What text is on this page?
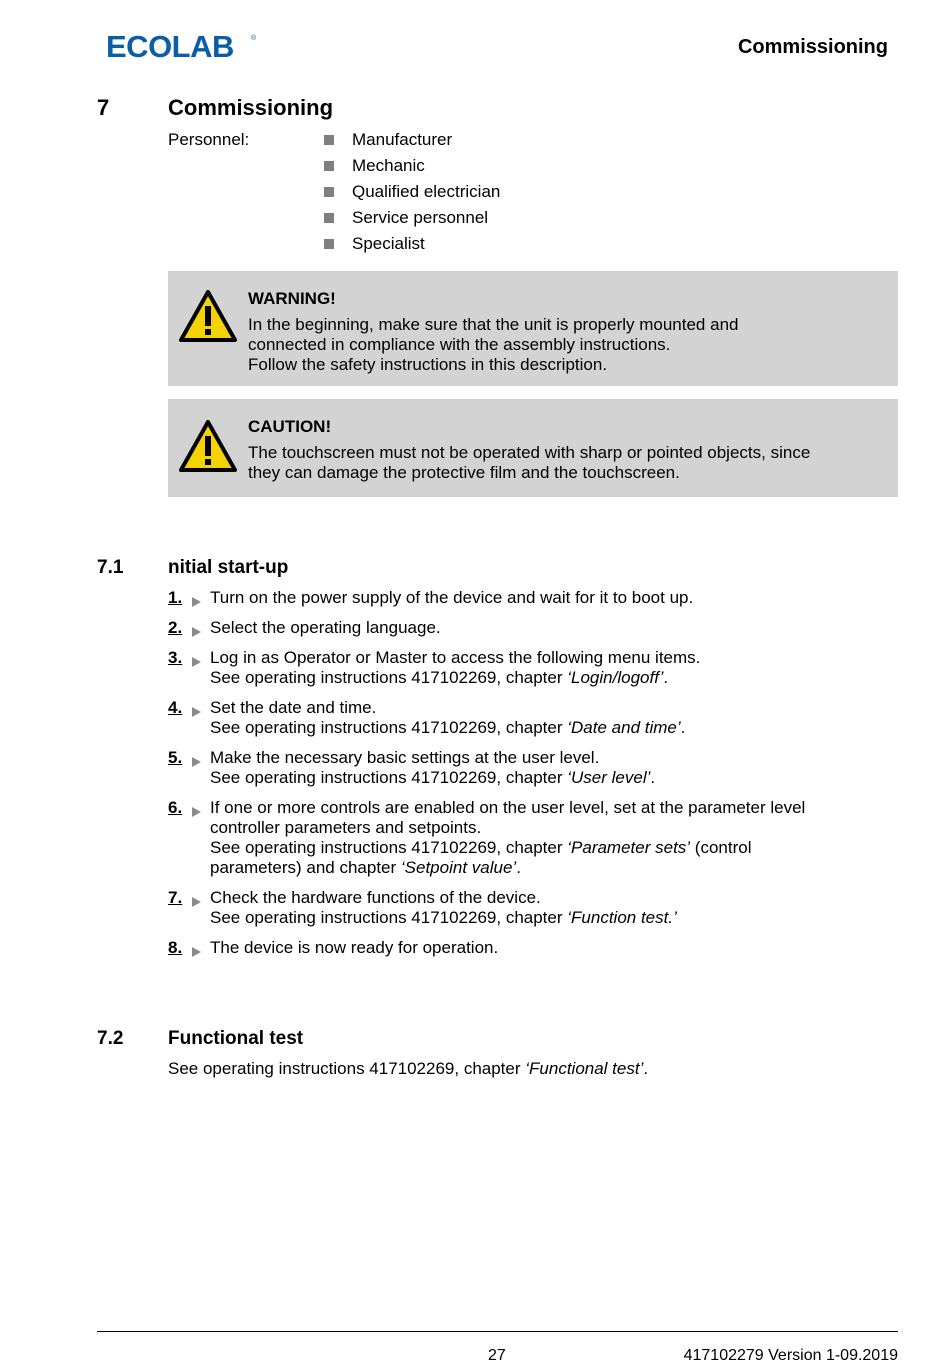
ECOLAB ®	Commissioning
7	Commissioning
Personnel:	Manufacturer
Mechanic
Qualified electrician
Service personnel
Specialist
WARNING!
In the beginning, make sure that the unit is properly mounted and
connected in compliance with the assembly instructions.
Follow the safety instructions in this description.
CAUTION!
The touchscreen must not be operated with sharp or pointed objects, since
they can damage the protective film and the touchscreen.
7.1 nitial start-up
1. Turn on the power supply of the device and wait for it to boot up.
2. Select the operating language.
3. Log in as Operator or Master to access the following menu items.
See operating instructions 417102269, chapter ‘Login/logoff’.
4. Set the date and time.
See operating instructions 417102269, chapter ‘Date and time’.
5. Make the necessary basic settings at the user level.
See operating instructions 417102269, chapter ‘User level’.
6. If one or more controls are enabled on the user level, set at the parameter level
controller parameters and setpoints.
See operating instructions 417102269, chapter ‘Parameter sets’ (control
parameters) and chapter ‘Setpoint value’.
7. Check the hardware functions of the device.
See operating instructions 417102269, chapter ‘Function test.’
8. The device is now ready for operation.
7.2 Functional test
See operating instructions 417102269, chapter ‘Functional test’.
27	417102279 Version 1-09.2019
